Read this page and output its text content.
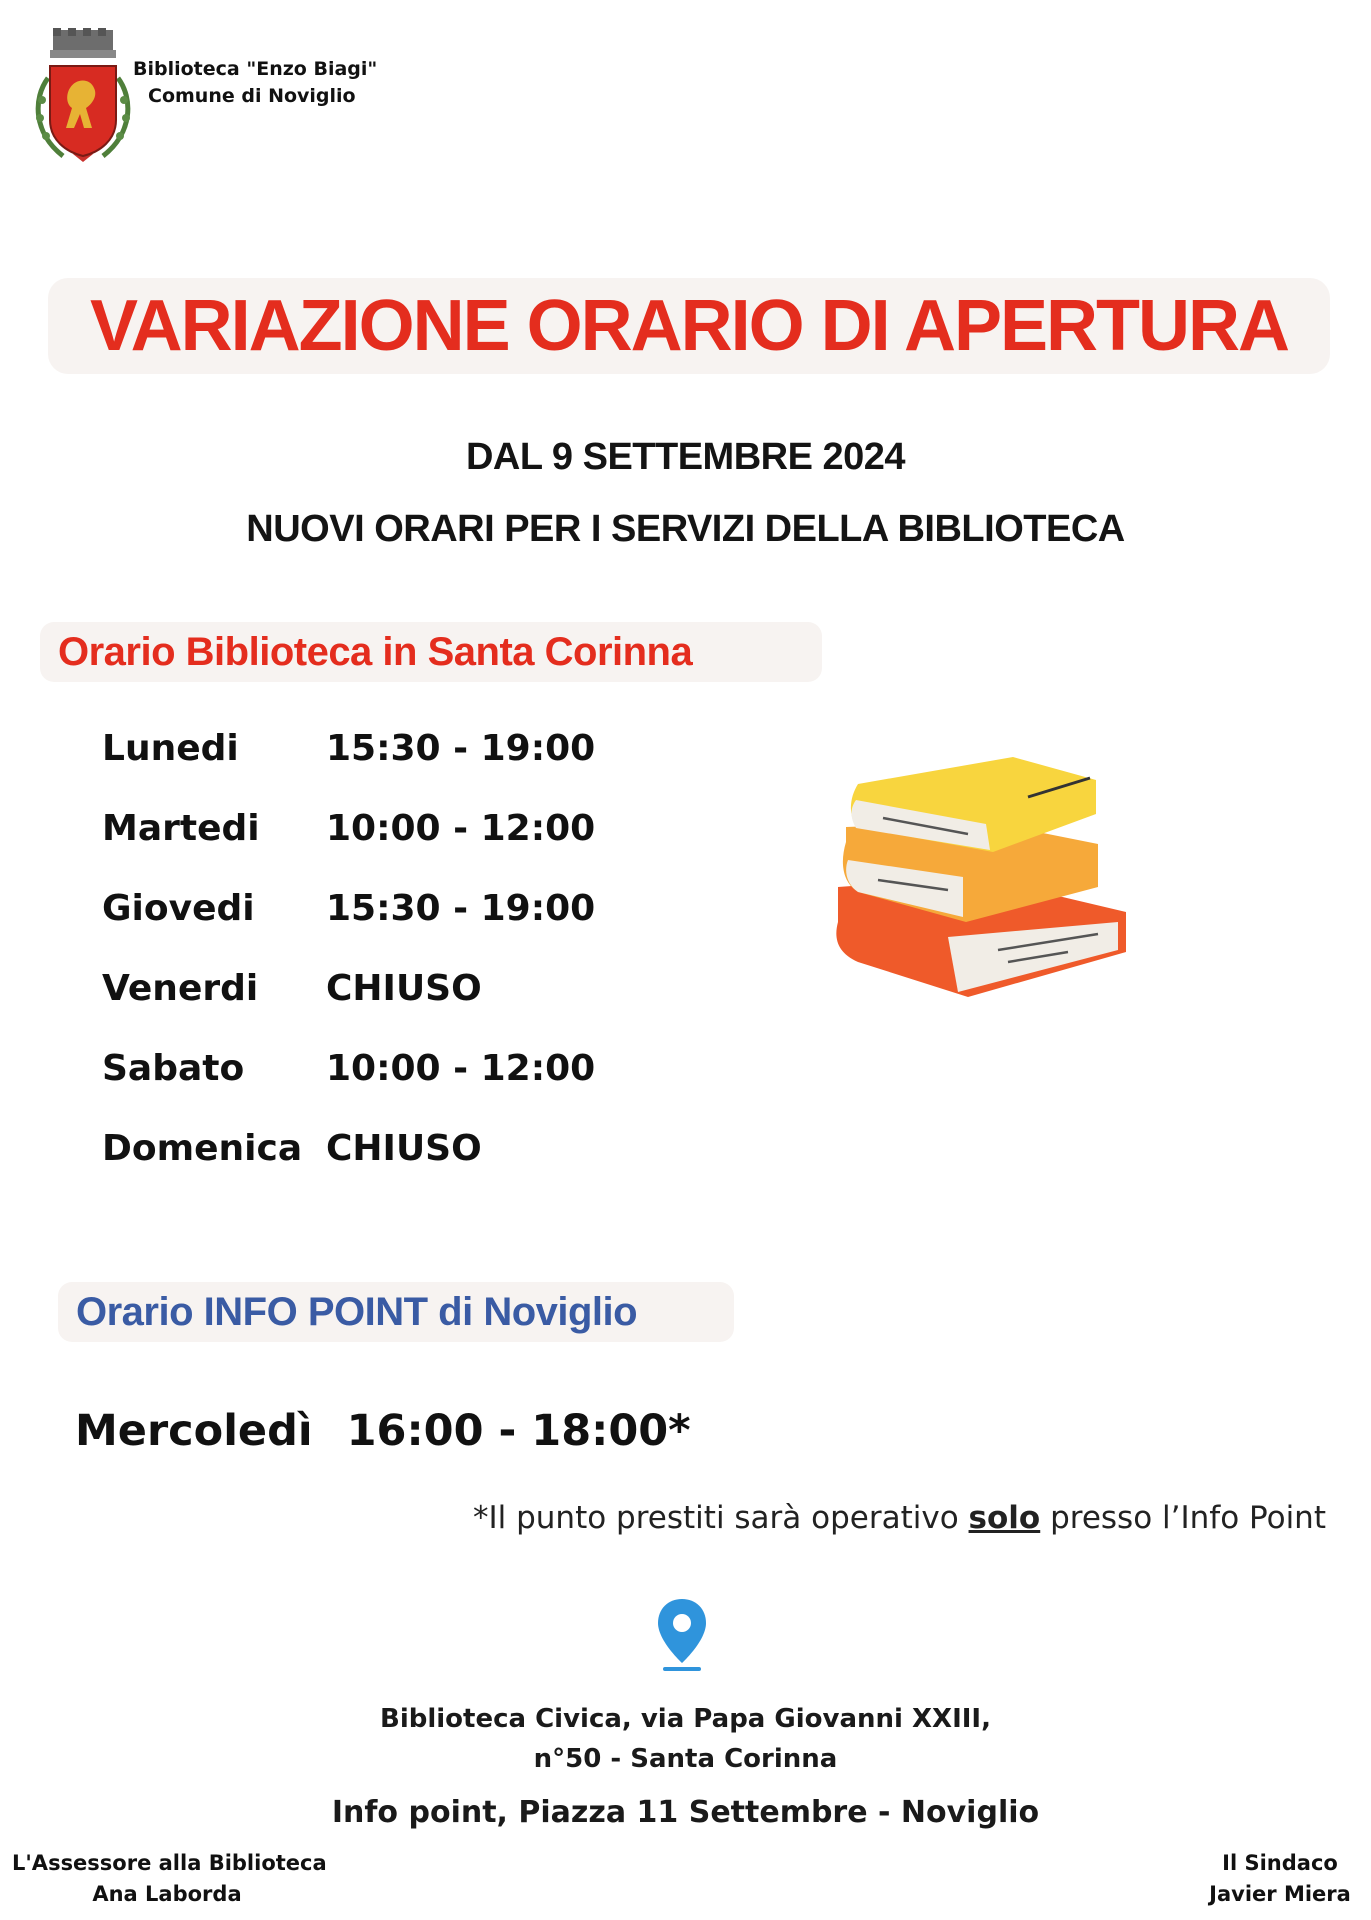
Biblioteca "Enzo Biagi"
Comune di Noviglio
VARIAZIONE ORARIO DI APERTURA
DAL 9 SETTEMBRE 2024
NUOVI ORARI PER I SERVIZI DELLA BIBLIOTECA
Orario Biblioteca in Santa Corinna
Lunedi 15:30 - 19:00
Martedi 10:00 - 12:00
Giovedi 15:30 - 19:00
Venerdi CHIUSO
Sabato 10:00 - 12:00
Domenica CHIUSO
Orario INFO POINT di Noviglio
Mercoledì 16:00 - 18:00*
*Il punto prestiti sarà operativo solo presso l’Info Point
Biblioteca Civica, via Papa Giovanni XXIII,
n°50 - Santa Corinna
Info point, Piazza 11 Settembre - Noviglio
L'Assessore alla Biblioteca
Ana Laborda
Il Sindaco
Javier Miera
